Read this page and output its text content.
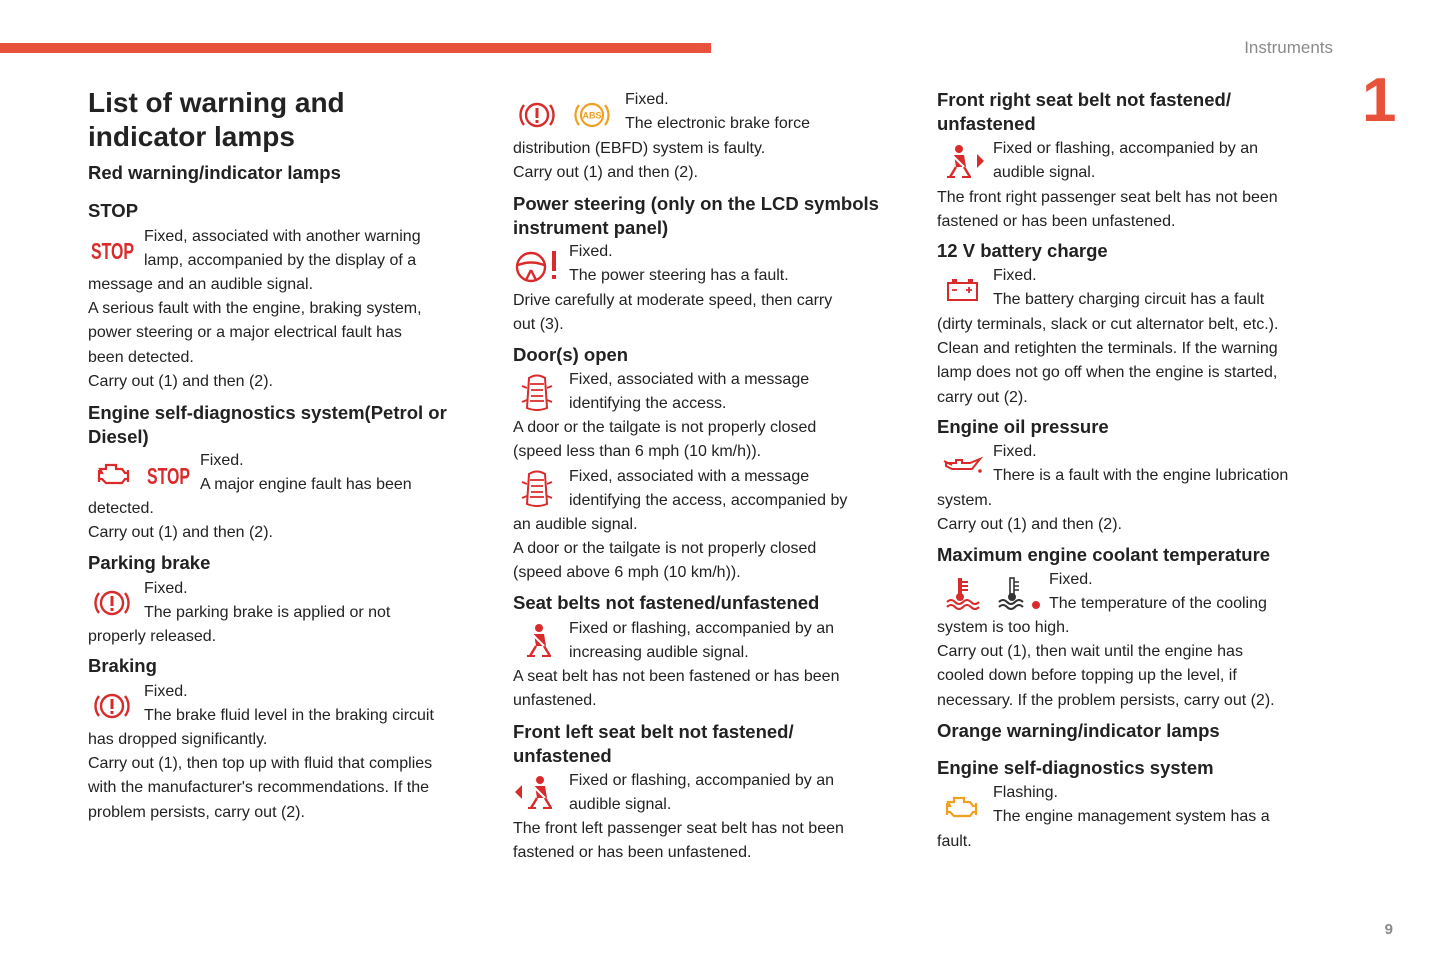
Instruments
1
9
List of warning and indicator lamps
Red warning/indicator lamps
STOP
STOP
Fixed, associated with another warning
lamp, accompanied by the display of a
message and an audible signal.
A serious fault with the engine, braking system,
power steering or a major electrical fault has
been detected.
Carry out (1) and then (2).
Engine self-diagnostics system(Petrol or
Diesel)
STOP
Fixed.
A major engine fault has been
detected.
Carry out (1) and then (2).
Parking brake
Fixed.
The parking brake is applied or not
properly released.
Braking
Fixed.
The brake fluid level in the braking circuit
has dropped significantly.
Carry out (1), then top up with fluid that complies
with the manufacturer's recommendations. If the
problem persists, carry out (2).
ABS
Fixed.
The electronic brake force
distribution (EBFD) system is faulty.
Carry out (1) and then (2).
Power steering (only on the LCD symbols
instrument panel)
Fixed.
The power steering has a fault.
Drive carefully at moderate speed, then carry
out (3).
Door(s) open
Fixed, associated with a message
identifying the access.
A door or the tailgate is not properly closed
(speed less than 6 mph (10 km/h)).
Fixed, associated with a message
identifying the access, accompanied by
an audible signal.
A door or the tailgate is not properly closed
(speed above 6 mph (10 km/h)).
Seat belts not fastened/unfastened
Fixed or flashing, accompanied by an
increasing audible signal.
A seat belt has not been fastened or has been
unfastened.
Front left seat belt not fastened/
unfastened
Fixed or flashing, accompanied by an
audible signal.
The front left passenger seat belt has not been
fastened or has been unfastened.
Front right seat belt not fastened/
unfastened
Fixed or flashing, accompanied by an
audible signal.
The front right passenger seat belt has not been
fastened or has been unfastened.
12 V battery charge
Fixed.
The battery charging circuit has a fault
(dirty terminals, slack or cut alternator belt, etc.).
Clean and retighten the terminals. If the warning
lamp does not go off when the engine is started,
carry out (2).
Engine oil pressure
Fixed.
There is a fault with the engine lubrication
system.
Carry out (1) and then (2).
Maximum engine coolant temperature
Fixed.
The temperature of the cooling
system is too high.
Carry out (1), then wait until the engine has
cooled down before topping up the level, if
necessary. If the problem persists, carry out (2).
Orange warning/indicator lamps
Engine self-diagnostics system
Flashing.
The engine management system has a
fault.
